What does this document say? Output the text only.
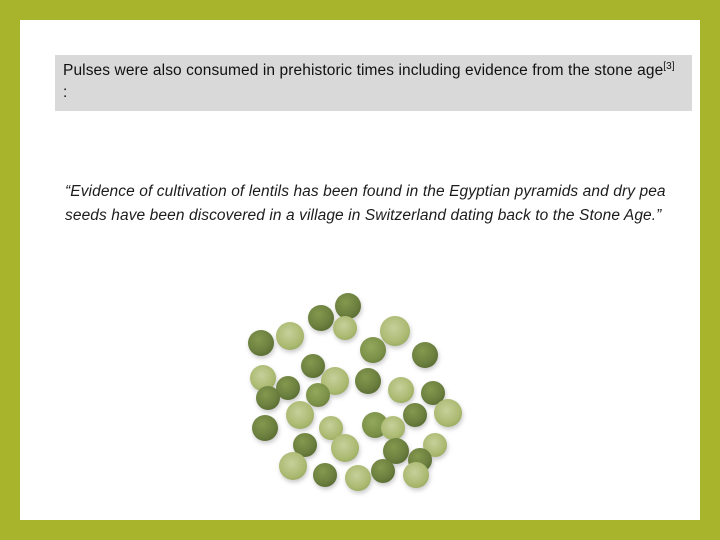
Pulses were also consumed in prehistoric times including evidence from the stone age[3] :
“Evidence of cultivation of lentils has been found in the Egyptian pyramids and dry pea seeds have been discovered in a village in Switzerland dating back to the Stone Age.”
